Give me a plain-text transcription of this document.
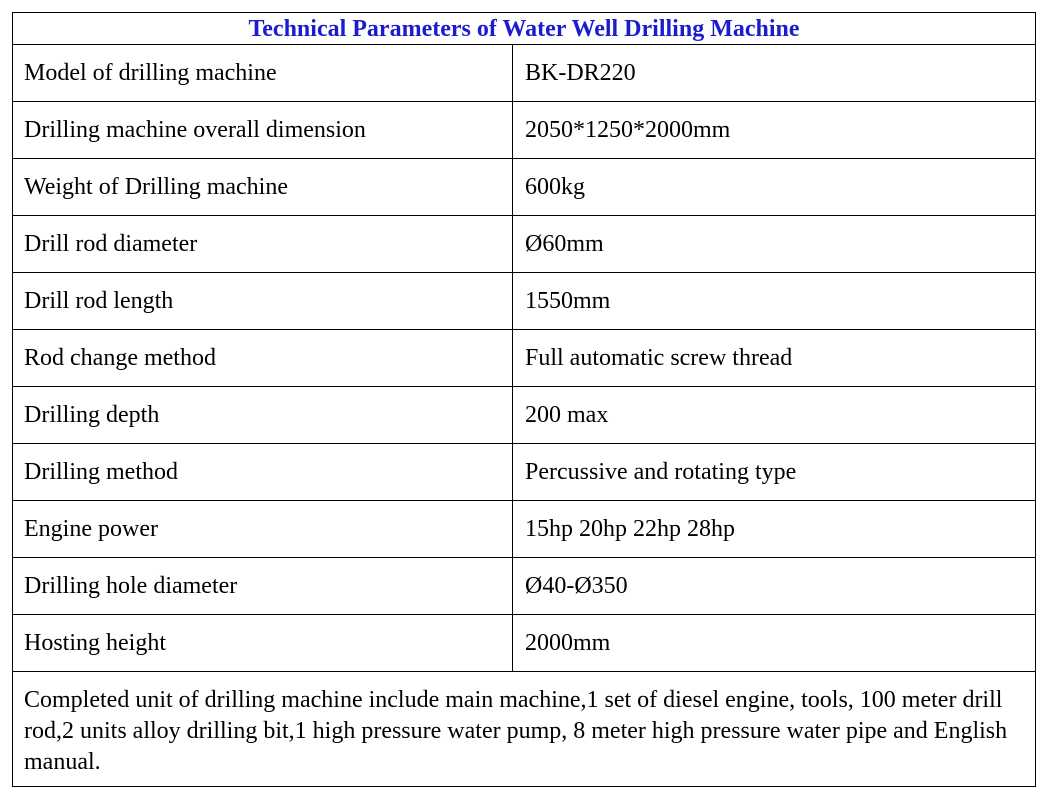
Technical Parameters of Water Well Drilling Machine
Model of drilling machine	BK-DR220
Drilling machine overall dimension	2050*1250*2000mm
Weight of Drilling machine	600kg
Drill rod diameter	Ø60mm
Drill rod length	1550mm
Rod change method	Full automatic screw thread
Drilling depth	200 max
Drilling method	Percussive and rotating type
Engine power	15hp 20hp 22hp 28hp
Drilling hole diameter	Ø40-Ø350
Hosting height	2000mm
Completed unit of drilling machine include main machine,1 set of diesel engine, tools, 100 meter drill rod,2 units alloy drilling bit,1 high pressure water pump, 8 meter high pressure water pipe and English manual.
